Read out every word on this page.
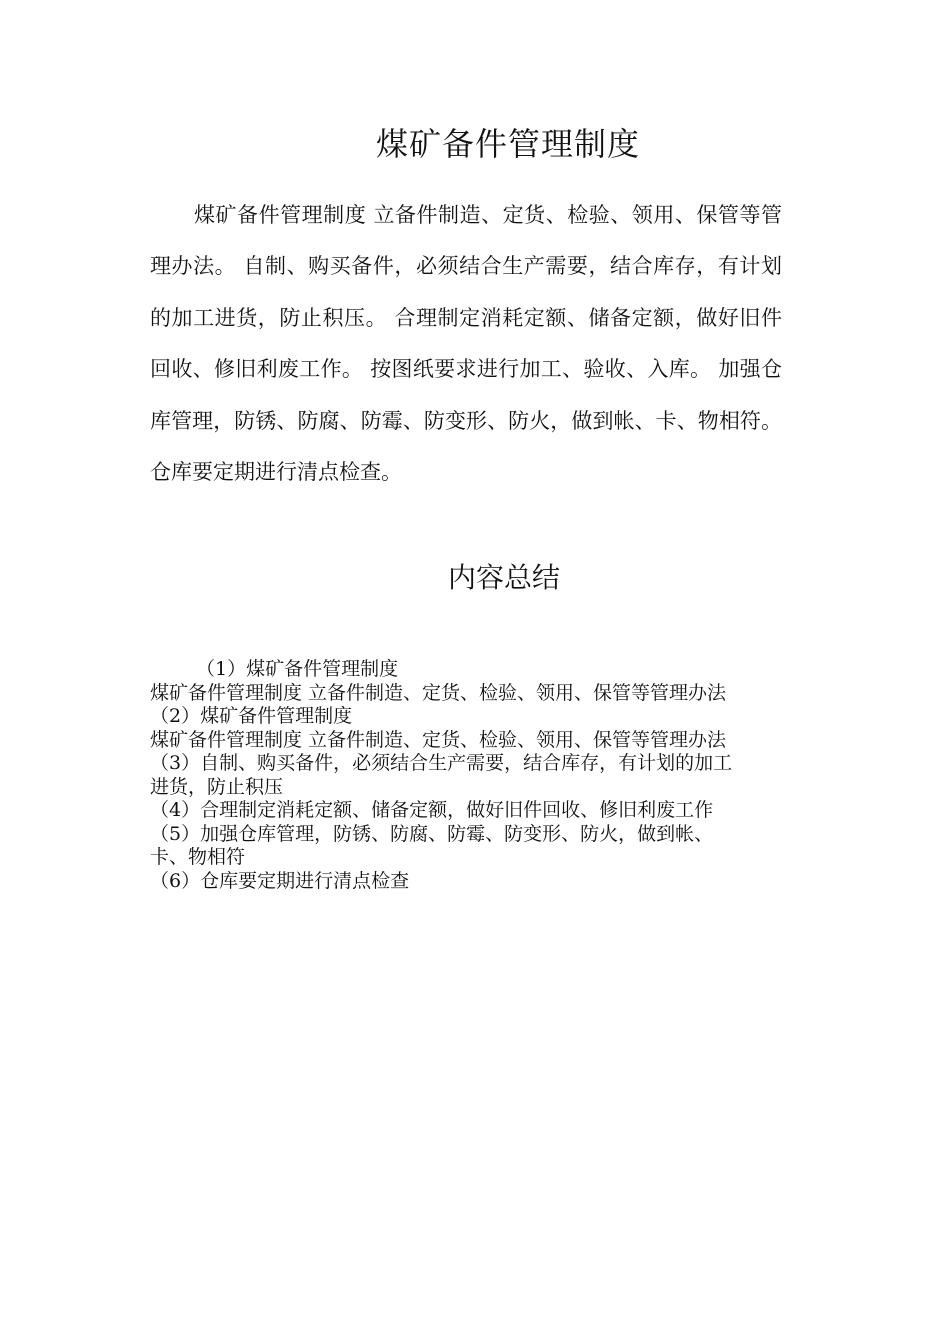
煤矿备件管理制度

煤矿备件管理制度 立备件制造、定货、检验、领用、保管等管理办法。 自制、购买备件，必须结合生产需要，结合库存，有计划的加工进货，防止积压。 合理制定消耗定额、储备定额，做好旧件回收、修旧利废工作。 按图纸要求进行加工、验收、入库。 加强仓库管理，防锈、防腐、防霉、防变形、防火，做到帐、卡、物相符。 仓库要定期进行清点检查。

内容总结
（1）煤矿备件管理制度
煤矿备件管理制度 立备件制造、定货、检验、领用、保管等管理办法
（2）煤矿备件管理制度
煤矿备件管理制度 立备件制造、定货、检验、领用、保管等管理办法
（3）自制、购买备件，必须结合生产需要，结合库存，有计划的加工
进货，防止积压
（4）合理制定消耗定额、储备定额，做好旧件回收、修旧利废工作
（5）加强仓库管理，防锈、防腐、防霉、防变形、防火，做到帐、
卡、物相符
（6）仓库要定期进行清点检查
